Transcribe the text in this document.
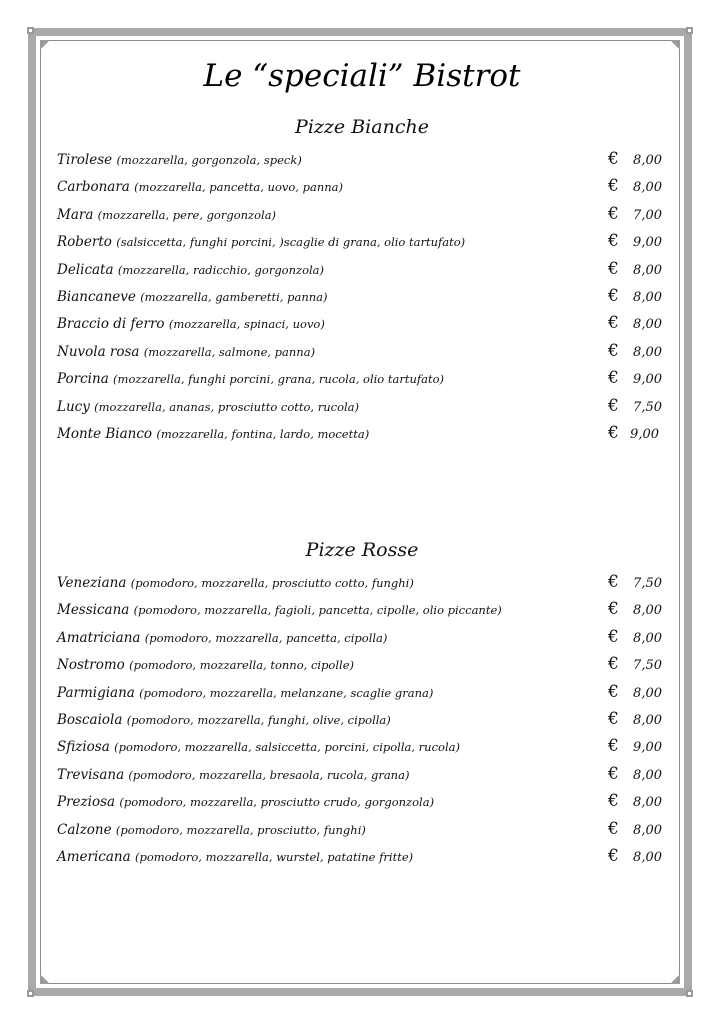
Le “speciali” Bistrot
Pizze Bianche
Tirolese (mozzarella, gorgonzola, speck)	€ 8,00
Carbonara (mozzarella, pancetta, uovo, panna)	€ 8,00
Mara (mozzarella, pere, gorgonzola)	€ 7,00
Roberto (salsiccetta, funghi porcini, )scaglie di grana, olio tartufato)	€ 9,00
Delicata (mozzarella, radicchio, gorgonzola)	€ 8,00
Biancaneve (mozzarella, gamberetti, panna)	€ 8,00
Braccio di ferro (mozzarella, spinaci, uovo)	€ 8,00
Nuvola rosa (mozzarella, salmone, panna)	€ 8,00
Porcina (mozzarella, funghi porcini, grana, rucola, olio tartufato)	€ 9,00
Lucy (mozzarella, ananas, prosciutto cotto, rucola)	€ 7,50
Monte Bianco (mozzarella, fontina, lardo, mocetta)	€ 9,00
Pizze Rosse
Veneziana (pomodoro, mozzarella, prosciutto cotto, funghi)	€ 7,50
Messicana (pomodoro, mozzarella, fagioli, pancetta, cipolle, olio piccante)	€ 8,00
Amatriciana (pomodoro, mozzarella, pancetta, cipolla)	€ 8,00
Nostromo (pomodoro, mozzarella, tonno, cipolle)	€ 7,50
Parmigiana (pomodoro, mozzarella, melanzane, scaglie grana)	€ 8,00
Boscaiola (pomodoro, mozzarella, funghi, olive, cipolla)	€ 8,00
Sfiziosa (pomodoro, mozzarella, salsiccetta, porcini, cipolla, rucola)	€ 9,00
Trevisana (pomodoro, mozzarella, bresaola, rucola, grana)	€ 8,00
Preziosa (pomodoro, mozzarella, prosciutto crudo, gorgonzola)	€ 8,00
Calzone (pomodoro, mozzarella, prosciutto, funghi)	€ 8,00
Americana (pomodoro, mozzarella, wurstel, patatine fritte)	€ 8,00
